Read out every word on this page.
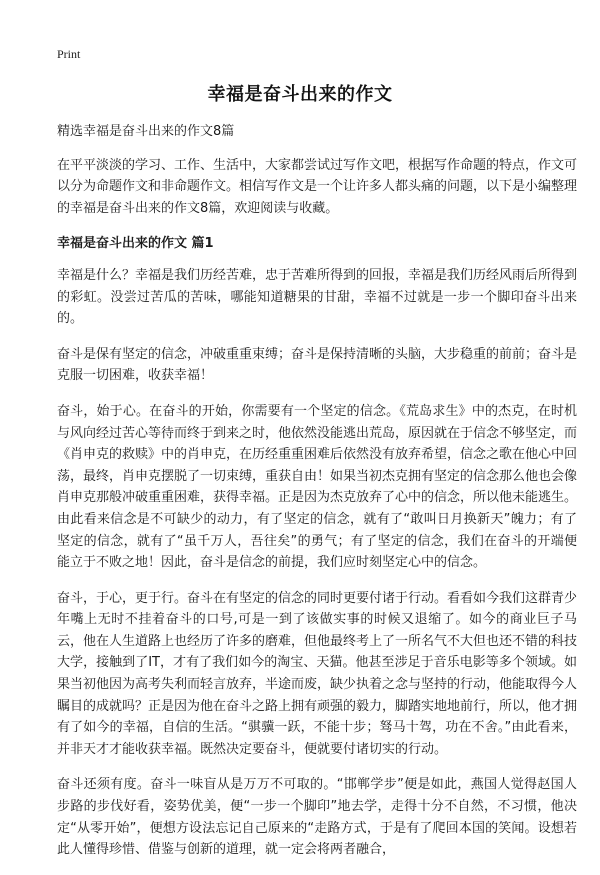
Print
幸福是奋斗出来的作文

精选幸福是奋斗出来的作文8篇

在平平淡淡的学习、工作、生活中，大家都尝试过写作文吧，根据写作命题的特点，作文可以分为命题作文和非命题作文。相信写作文是一个让许多人都头痛的问题，以下是小编整理的幸福是奋斗出来的作文8篇，欢迎阅读与收藏。

幸福是奋斗出来的作文 篇1

幸福是什么？幸福是我们历经苦难，忠于苦难所得到的回报，幸福是我们历经风雨后所得到的彩虹。没尝过苦瓜的苦味，哪能知道糖果的甘甜，幸福不过就是一步一个脚印奋斗出来的。

奋斗是保有坚定的信念，冲破重重束缚；奋斗是保持清晰的头脑，大步稳重的前前；奋斗是克服一切困难，收获幸福！

奋斗，始于心。在奋斗的开始，你需要有一个坚定的信念。《荒岛求生》中的杰克，在时机与风向经过苦心等待而终于到来之时，他依然没能逃出荒岛，原因就在于信念不够坚定，而《肖申克的救赎》中的肖申克，在历经重重困难后依然没有放弃希望，信念之歌在他心中回荡，最终，肖申克摆脱了一切束缚，重获自由！如果当初杰克拥有坚定的信念那么他也会像肖申克那般冲破重重困难，获得幸福。正是因为杰克放弃了心中的信念，所以他未能逃生。由此看来信念是不可缺少的动力，有了坚定的信念，就有了“敢叫日月换新天”魄力；有了坚定的信念，就有了“虽千万人，吾往矣”的勇气；有了坚定的信念，我们在奋斗的开端便能立于不败之地！因此，奋斗是信念的前提，我们应时刻坚定心中的信念。

奋斗，于心，更于行。奋斗在有坚定的信念的同时更要付诸于行动。看看如今我们这群青少年嘴上无时不挂着奋斗的口号,可是一到了该做实事的时候又退缩了。如今的商业巨子马云，他在人生道路上也经历了许多的磨难，但他最终考上了一所名气不大但也还不错的科技大学，接触到了IT，才有了我们如今的淘宝、天猫。他甚至涉足于音乐电影等多个领域。如果当初他因为高考失利而轻言放弃，半途而废，缺少执着之念与坚持的行动，他能取得今人瞩目的成就吗？正是因为他在奋斗之路上拥有顽强的毅力，脚踏实地地前行，所以，他才拥有了如今的幸福，自信的生活。“骐骥一跃，不能十步；驽马十驾，功在不舍。”由此看来，并非天才才能收获幸福。既然决定要奋斗，便就要付诸切实的行动。

奋斗还须有度。奋斗一味盲从是万万不可取的。“邯郸学步”便是如此，燕国人觉得赵国人步路的步伐好看，姿势优美，便“一步一个脚印”地去学，走得十分不自然，不习惯，他决定“从零开始”，便想方设法忘记自己原来的“走路方式，于是有了爬回本国的笑闻。设想若此人懂得珍惜、借鉴与创新的道理，就一定会将两者融合，
